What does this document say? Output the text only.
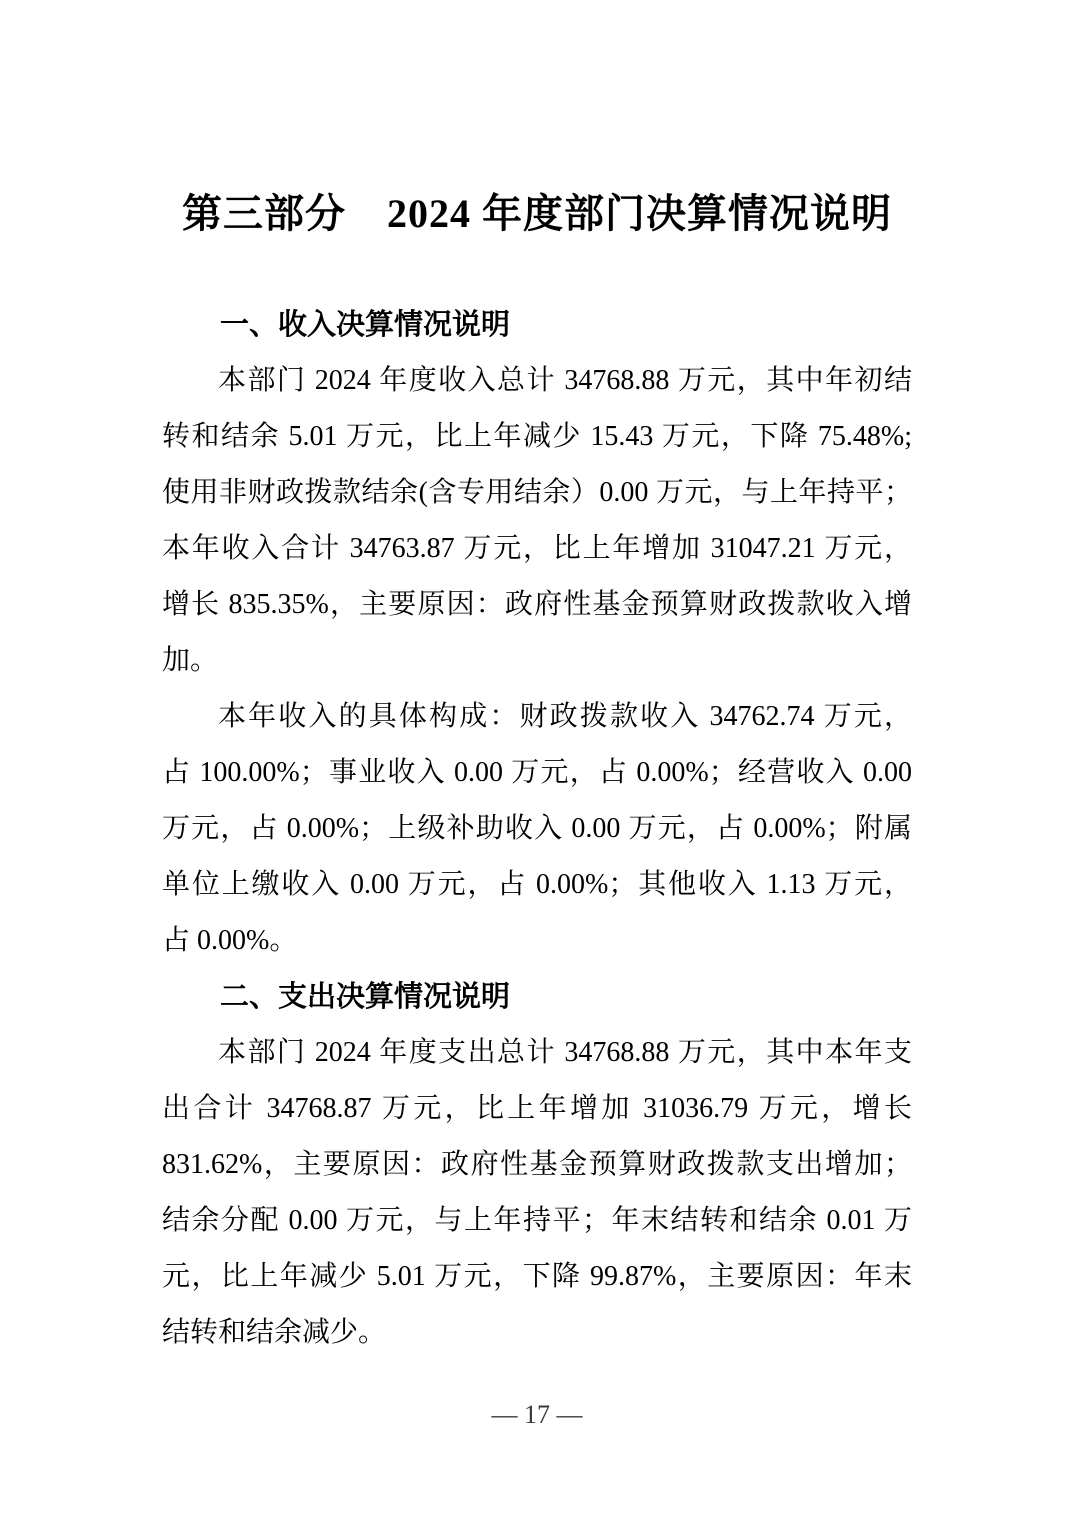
第三部分　2024 年度部门决算情况说明
一、收入决算情况说明
本部门 2024 年度收入总计 34768.88 万元，其中年初结
转和结余 5.01 万元，比上年减少 15.43 万元，下降 75.48%;
使用非财政拨款结余(含专用结余）0.00 万元，与上年持平；
本年收入合计 34763.87 万元，比上年增加 31047.21 万元，
增长 835.35%，主要原因：政府性基金预算财政拨款收入增
加。
本年收入的具体构成：财政拨款收入 34762.74 万元，
占 100.00%；事业收入 0.00 万元，占 0.00%；经营收入 0.00
万元，占 0.00%；上级补助收入 0.00 万元，占 0.00%；附属
单位上缴收入 0.00 万元，占 0.00%；其他收入 1.13 万元，
占 0.00%。
二、支出决算情况说明
本部门 2024 年度支出总计 34768.88 万元，其中本年支
出合计 34768.87 万元，比上年增加 31036.79 万元，增长
831.62%，主要原因：政府性基金预算财政拨款支出增加；
结余分配 0.00 万元，与上年持平；年末结转和结余 0.01 万
元，比上年减少 5.01 万元，下降 99.87%，主要原因：年末
结转和结余减少。
— 17 —
